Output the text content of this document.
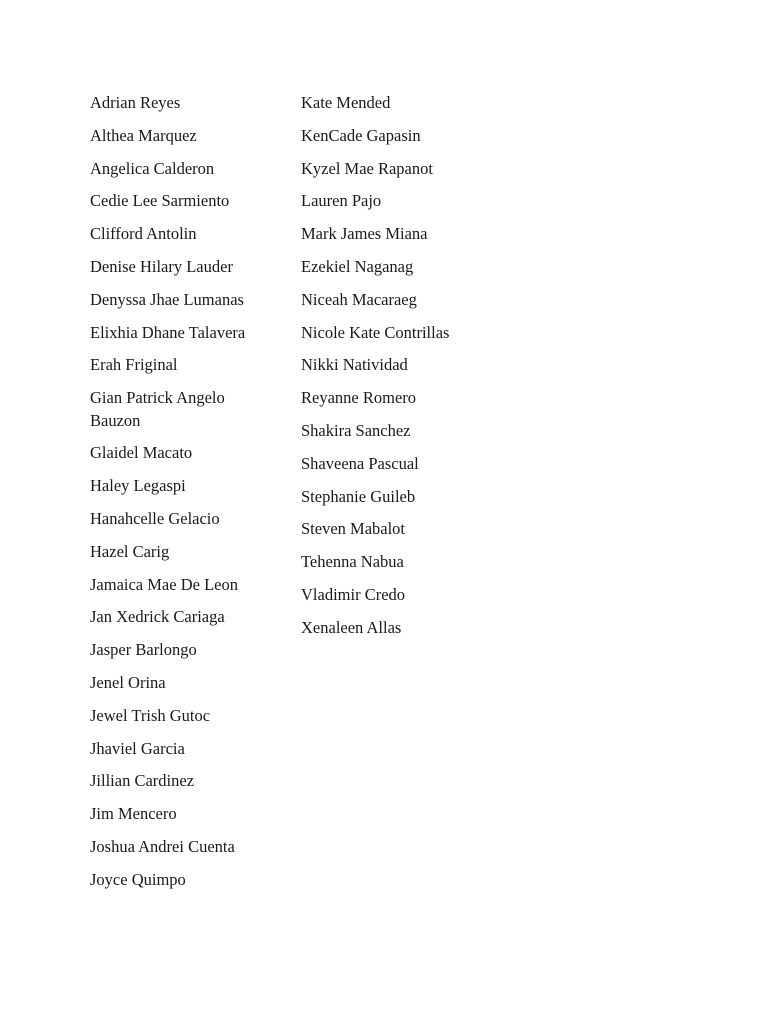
Adrian Reyes
Althea Marquez
Angelica Calderon
Cedie Lee Sarmiento
Clifford Antolin
Denise Hilary Lauder
Denyssa Jhae Lumanas
Elixhia Dhane Talavera
Erah Friginal
Gian Patrick Angelo Bauzon
Glaidel Macato
Haley Legaspi
Hanahcelle Gelacio
Hazel Carig
Jamaica Mae De Leon
Jan Xedrick Cariaga
Jasper Barlongo
Jenel Orina
Jewel Trish Gutoc
Jhaviel Garcia
Jillian Cardinez
Jim Mencero
Joshua Andrei Cuenta
Joyce Quimpo
Kate Mended
KenCade Gapasin
Kyzel Mae Rapanot
Lauren Pajo
Mark James Miana
Ezekiel Naganag
Niceah Macaraeg
Nicole Kate Contrillas
Nikki Natividad
Reyanne Romero
Shakira Sanchez
Shaveena Pascual
Stephanie Guileb
Steven Mabalot
Tehenna Nabua
Vladimir Credo
Xenaleen Allas
